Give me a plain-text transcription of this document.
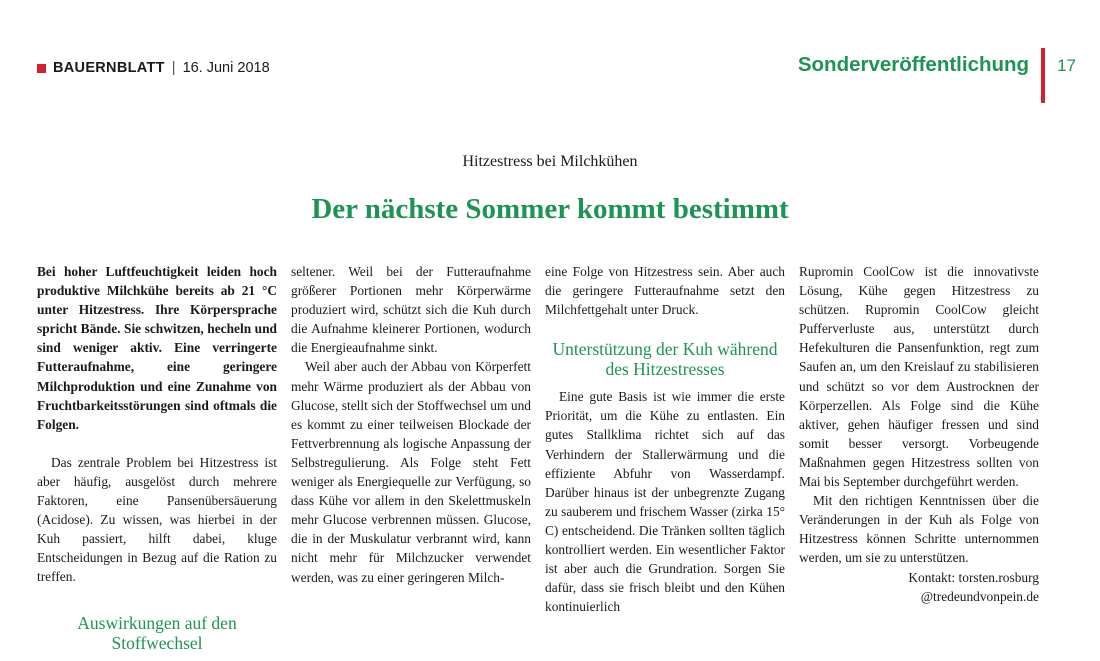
BAUERNBLATT | 16. Juni 2018	Sonderveröffentlichung 17
Hitzestress bei Milchkühen
Der nächste Sommer kommt bestimmt

Bei hoher Luftfeuchtigkeit leiden hoch produktive Milchkühe bereits ab 21 °C unter Hitzestress. Ihre Körpersprache spricht Bände. Sie schwitzen, hecheln und sind weniger aktiv. Eine verringerte Futteraufnahme, eine geringere Milchproduktion und eine Zunahme von Fruchtbarkeitsstörungen sind oftmals die Folgen.

Das zentrale Problem bei Hitzestress ist aber häufig, ausgelöst durch mehrere Faktoren, eine Pansenübersäuerung (Acidose). Zu wissen, was hierbei in der Kuh passiert, hilft dabei, kluge Entscheidungen in Bezug auf die Ration zu treffen.

Auswirkungen auf den Stoffwechsel

seltener. Weil bei der Futteraufnahme größerer Portionen mehr Körperwärme produziert wird, schützt sich die Kuh durch die Aufnahme kleinerer Portionen, wodurch die Energieaufnahme sinkt.

Weil aber auch der Abbau von Körperfett mehr Wärme produziert als der Abbau von Glucose, stellt sich der Stoffwechsel um und es kommt zu einer teilweisen Blockade der Fettverbrennung als logische Anpassung der Selbstregulierung. Als Folge steht Fett weniger als Energiequelle zur Verfügung, so dass Kühe vor allem in den Skelettmuskeln mehr Glucose verbrennen müssen. Glucose, die in der Muskulatur verbrannt wird, kann nicht mehr für Milchzucker verwendet werden, was zu einer geringeren Milch-

eine Folge von Hitzestress sein. Aber auch die geringere Futteraufnahme setzt den Milchfettgehalt unter Druck.

Unterstützung der Kuh während des Hitzestresses

Eine gute Basis ist wie immer die erste Priorität, um die Kühe zu entlasten. Ein gutes Stallklima richtet sich auf das Verhindern der Stallerwärmung und die effiziente Abfuhr von Wasserdampf. Darüber hinaus ist der unbegrenzte Zugang zu sauberem und frischem Wasser (zirka 15° C) entscheidend. Die Tränken sollten täglich kontrolliert werden. Ein wesentlicher Faktor ist aber auch die Grundration. Sorgen Sie dafür, dass sie frisch bleibt und den Kühen kontinuierlich

Rupromin CoolCow ist die innovativste Lösung, Kühe gegen Hitzestress zu schützen. Rupromin CoolCow gleicht Pufferverluste aus, unterstützt durch Hefekulturen die Pansenfunktion, regt zum Saufen an, um den Kreislauf zu stabilisieren und schützt so vor dem Austrocknen der Körperzellen. Als Folge sind die Kühe aktiver, gehen häufiger fressen und sind somit besser versorgt. Vorbeugende Maßnahmen gegen Hitzestress sollten von Mai bis September durchgeführt werden.

Mit den richtigen Kenntnissen über die Veränderungen in der Kuh als Folge von Hitzestress können Schritte unternommen werden, um sie zu unterstützen.

Kontakt: torsten.rosburg @tredeundvonpein.de
